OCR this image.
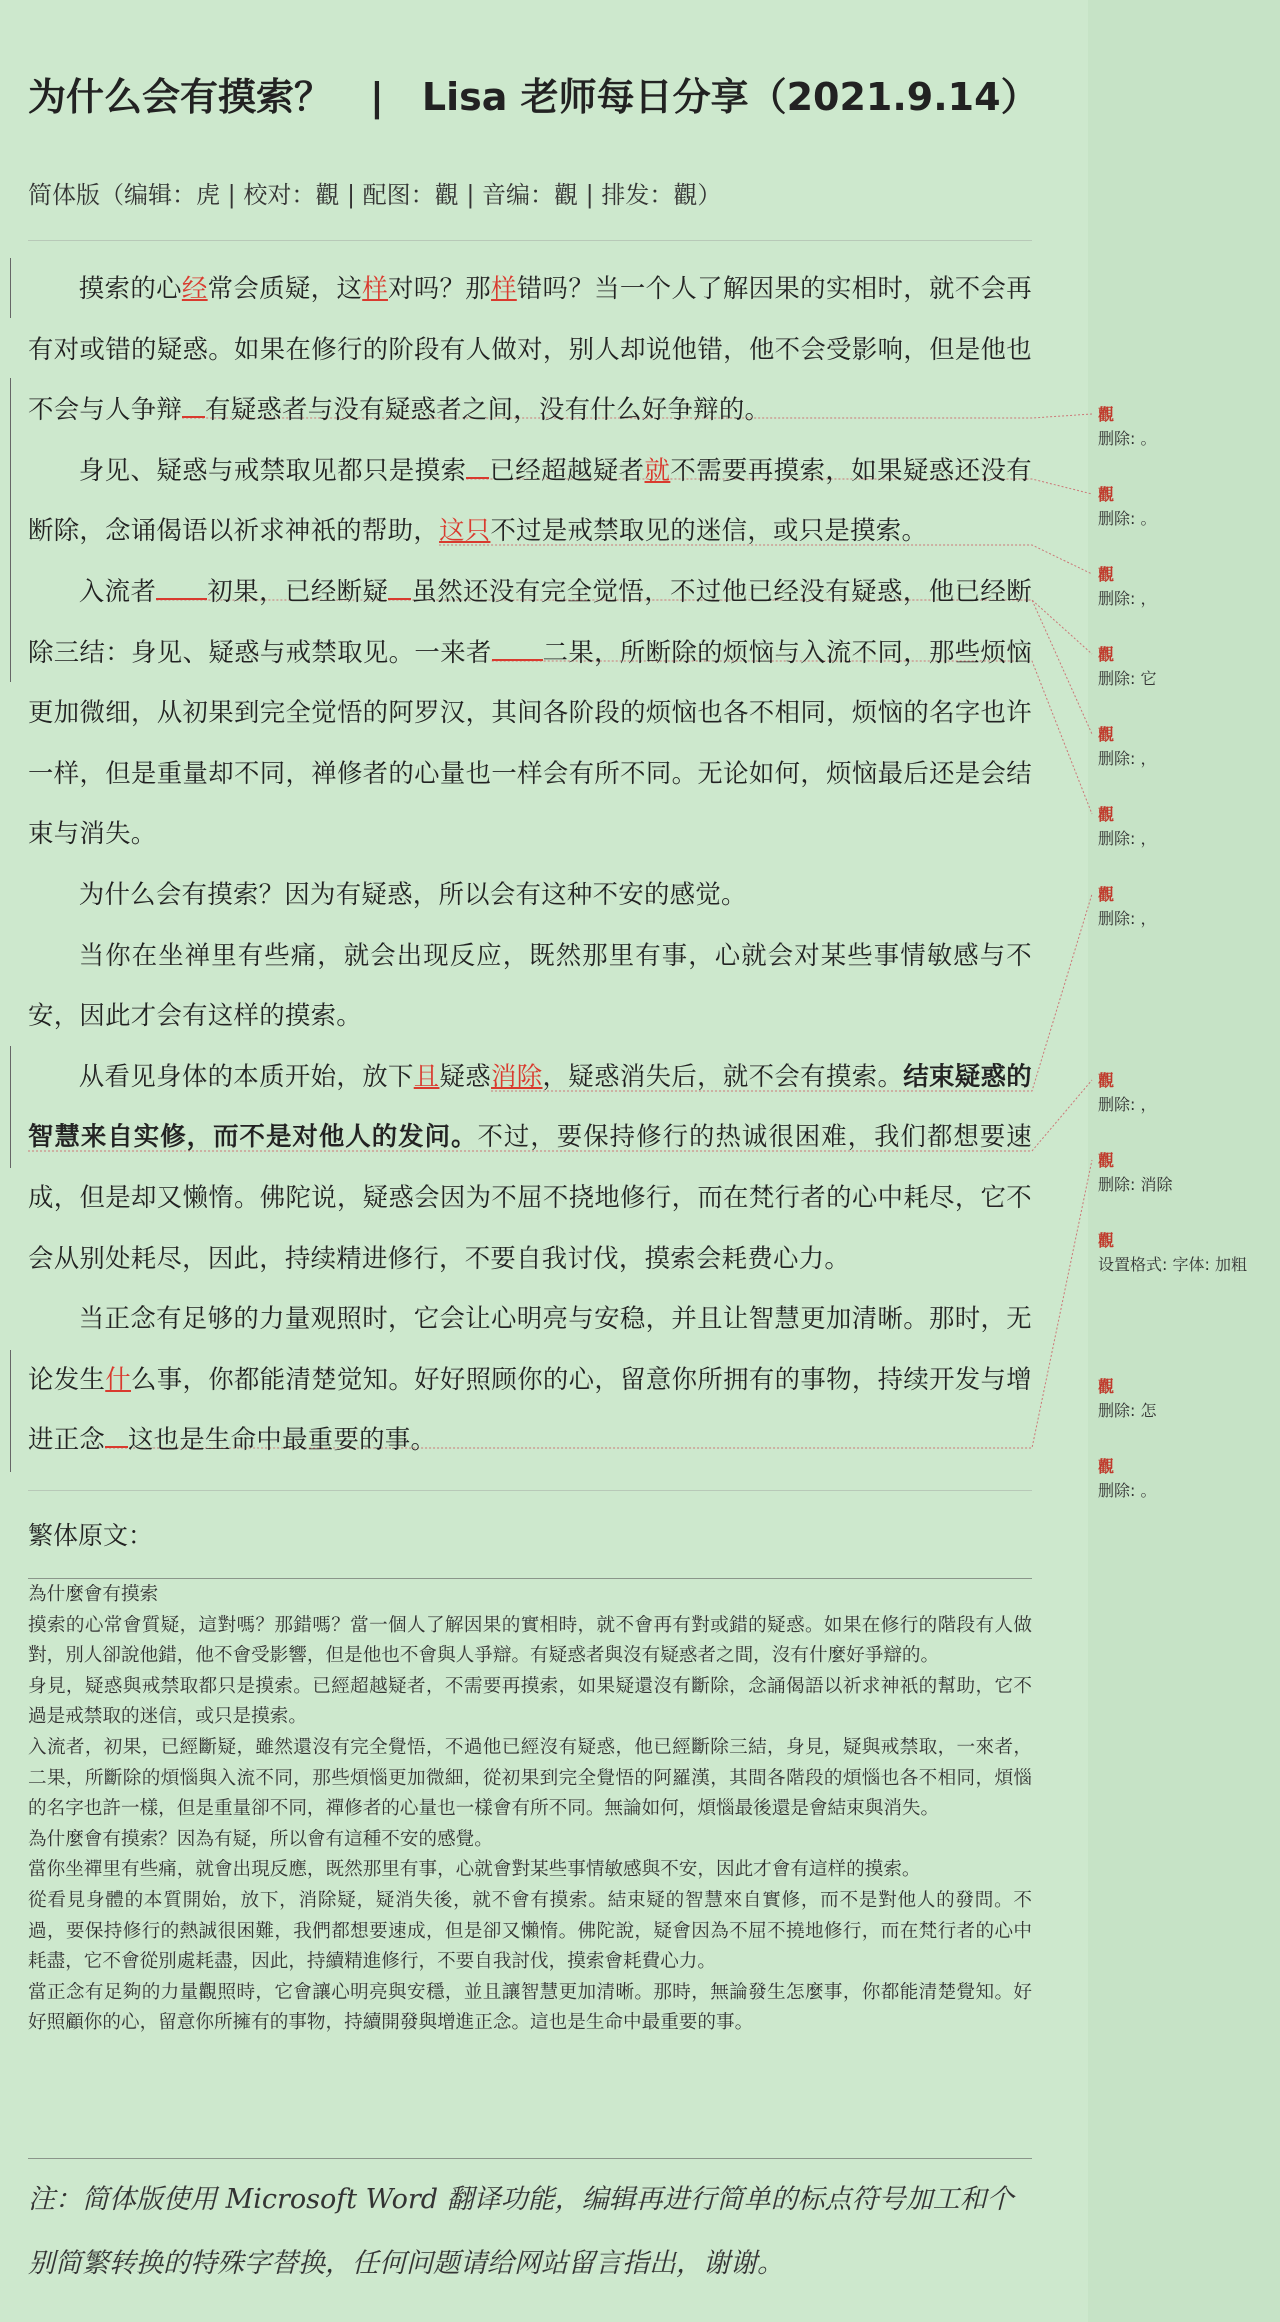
为什么会有摸索？　|　Lisa 老师每日分享（2021.9.14）
简体版（编辑：虎 | 校对：觀 | 配图：觀 | 音编：觀 | 排发：觀）

摸索的心经常会质疑，这样对吗？那样错吗？当一个人了解因果的实相时，就不会再有对或错的疑惑。如果在修行的阶段有人做对，别人却说他错，他不会受影响，但是他也不会与人争辩 有疑惑者与没有疑惑者之间，没有什么好争辩的。

身见、疑惑与戒禁取见都只是摸索 已经超越疑者就不需要再摸索，如果疑惑还没有断除，念诵偈语以祈求神祇的帮助，这只不过是戒禁取见的迷信，或只是摸索。

入流者 初果，已经断疑 虽然还没有完全觉悟，不过他已经没有疑惑，他已经断除三结：身见、疑惑与戒禁取见。一来者 二果，所断除的烦恼与入流不同，那些烦恼更加微细，从初果到完全觉悟的阿罗汉，其间各阶段的烦恼也各不相同，烦恼的名字也许一样，但是重量却不同，禅修者的心量也一样会有所不同。无论如何，烦恼最后还是会结束与消失。

为什么会有摸索？因为有疑惑，所以会有这种不安的感觉。

当你在坐禅里有些痛，就会出现反应，既然那里有事，心就会对某些事情敏感与不安，因此才会有这样的摸索。

从看见身体的本质开始，放下且疑惑消除，疑惑消失后，就不会有摸索。结束疑惑的智慧来自实修，而不是对他人的发问。不过，要保持修行的热诚很困难，我们都想要速成，但是却又懒惰。佛陀说，疑惑会因为不屈不挠地修行，而在梵行者的心中耗尽，它不会从别处耗尽，因此，持续精进修行，不要自我讨伐，摸索会耗费心力。

当正念有足够的力量观照时，它会让心明亮与安稳，并且让智慧更加清晰。那时，无论发生什么事，你都能清楚觉知。好好照顾你的心，留意你所拥有的事物，持续开发与增进正念 这也是生命中最重要的事。

繁体原文：

為什麼會有摸索

摸索的心常會質疑，這對嗎？那錯嗎？當一個人了解因果的實相時，就不會再有對或錯的疑惑。如果在修行的階段有人做對，別人卻說他錯，他不會受影響，但是他也不會與人爭辯。有疑惑者與沒有疑惑者之間，沒有什麼好爭辯的。

身見，疑惑與戒禁取都只是摸索。已經超越疑者，不需要再摸索，如果疑還沒有斷除，念誦偈語以祈求神祇的幫助，它不過是戒禁取的迷信，或只是摸索。

入流者，初果，已經斷疑，雖然還沒有完全覺悟，不過他已經沒有疑惑，他已經斷除三結，身見，疑與戒禁取，一來者，二果，所斷除的煩惱與入流不同，那些煩惱更加微細，從初果到完全覺悟的阿羅漢，其間各階段的煩惱也各不相同，煩惱的名字也許一樣，但是重量卻不同，禪修者的心量也一樣會有所不同。無論如何，煩惱最後還是會結束與消失。

為什麼會有摸索？因為有疑，所以會有這種不安的感覺。

當你坐禪里有些痛，就會出現反應，既然那里有事，心就會對某些事情敏感與不安，因此才會有這样的摸索。

從看見身體的本質開始，放下，消除疑，疑消失後，就不會有摸索。結束疑的智慧來自實修，而不是對他人的發問。不過，要保持修行的熱誠很困難，我們都想要速成，但是卻又懶惰。佛陀說，疑會因為不屈不撓地修行，而在梵行者的心中耗盡，它不會從別處耗盡，因此，持續精進修行，不要自我討伐，摸索會耗費心力。

當正念有足夠的力量觀照時，它會讓心明亮與安穩，並且讓智慧更加清晰。那時，無論發生怎麼事，你都能清楚覺知。好好照顧你的心，留意你所擁有的事物，持續開發與增進正念。這也是生命中最重要的事。

注：简体版使用 Microsoft Word 翻译功能，编辑再进行简单的标点符号加工和个别简繁转换的特殊字替换，任何问题请给网站留言指出，谢谢。
觀
删除: 。
觀
删除: 。
觀
删除: ，
觀
删除: 它
觀
删除: ，
觀
删除: ，
觀
删除: ，
觀
删除: ，
觀
删除: 消除
觀
设置格式: 字体: 加粗
觀
删除: 怎
觀
删除: 。
